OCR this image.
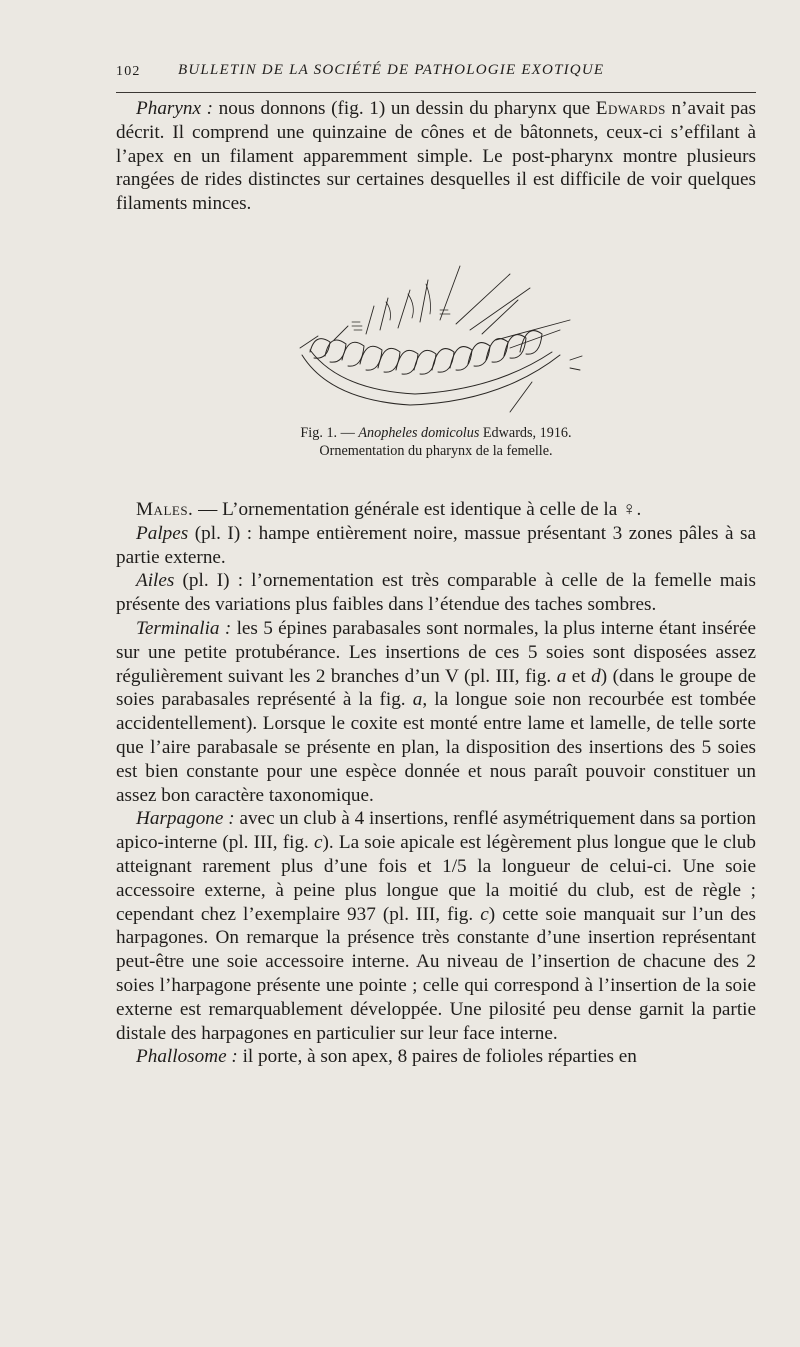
102 BULLETIN DE LA SOCIÉTÉ DE PATHOLOGIE EXOTIQUE

Pharynx : nous donnons (fig. 1) un dessin du pharynx que Edwards n’avait pas décrit. Il comprend une quinzaine de cônes et de bâtonnets, ceux-ci s’effilant à l’apex en un filament apparemment simple. Le post-pharynx montre plusieurs rangées de rides distinctes sur certaines desquelles il est difficile de voir quelques filaments minces.

Fig. 1. — Anopheles domicolus Edwards, 1916.
Ornementation du pharynx de la femelle.

Males. — L’ornementation générale est identique à celle de la ♀.

Palpes (pl. I) : hampe entièrement noire, massue présentant 3 zones pâles à sa partie externe.

Ailes (pl. I) : l’ornementation est très comparable à celle de la femelle mais présente des variations plus faibles dans l’étendue des taches sombres.

Terminalia : les 5 épines parabasales sont normales, la plus interne étant insérée sur une petite protubérance. Les insertions de ces 5 soies sont disposées assez régulièrement suivant les 2 branches d’un V (pl. III, fig. a et d) (dans le groupe de soies parabasales représenté à la fig. a, la longue soie non recourbée est tombée accidentellement). Lorsque le coxite est monté entre lame et lamelle, de telle sorte que l’aire parabasale se présente en plan, la disposition des insertions des 5 soies est bien constante pour une espèce donnée et nous paraît pouvoir constituer un assez bon caractère taxonomique.

Harpagone : avec un club à 4 insertions, renflé asymétriquement dans sa portion apico-interne (pl. III, fig. c). La soie apicale est légèrement plus longue que le club atteignant rarement plus d’une fois et 1/5 la longueur de celui-ci. Une soie accessoire externe, à peine plus longue que la moitié du club, est de règle ; cependant chez l’exemplaire 937 (pl. III, fig. c) cette soie manquait sur l’un des harpagones. On remarque la présence très constante d’une insertion représentant peut-être une soie accessoire interne. Au niveau de l’insertion de chacune des 2 soies l’harpagone présente une pointe ; celle qui correspond à l’insertion de la soie externe est remarquablement développée. Une pilosité peu dense garnit la partie distale des harpagones en particulier sur leur face interne.

Phallosome : il porte, à son apex, 8 paires de folioles réparties en
